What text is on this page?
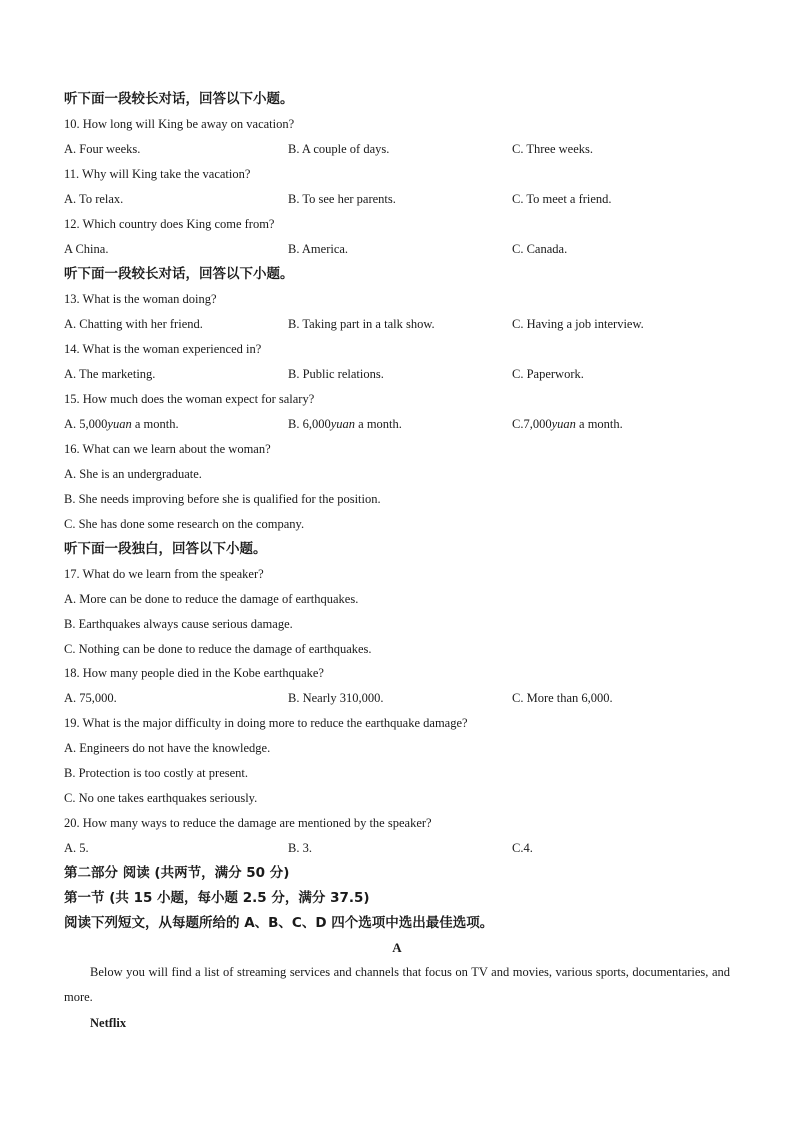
听下面一段较长对话，回答以下小题。
10. How long will King be away on vacation?
A. Four weeks.	B. A couple of days.	C. Three weeks.
11. Why will King take the vacation?
A. To relax.	B. To see her parents.	C. To meet a friend.
12. Which country does King come from?
A China.	B. America.	C. Canada.
听下面一段较长对话，回答以下小题。
13. What is the woman doing?
A. Chatting with her friend.	B. Taking part in a talk show.	C. Having a job interview.
14. What is the woman experienced in?
A. The marketing.	B. Public relations.	C. Paperwork.
15. How much does the woman expect for salary?
A. 5,000yuan a month.	B. 6,000yuan a month.	C.7,000yuan a month.
16. What can we learn about the woman?
A. She is an undergraduate.
B. She needs improving before she is qualified for the position.
C. She has done some research on the company.
听下面一段独白，回答以下小题。
17. What do we learn from the speaker?
A. More can be done to reduce the damage of earthquakes.
B. Earthquakes always cause serious damage.
C. Nothing can be done to reduce the damage of earthquakes.
18. How many people died in the Kobe earthquake?
A. 75,000.	B. Nearly 310,000.	C. More than 6,000.
19. What is the major difficulty in doing more to reduce the earthquake damage?
A. Engineers do not have the knowledge.
B. Protection is too costly at present.
C. No one takes earthquakes seriously.
20. How many ways to reduce the damage are mentioned by the speaker?
A. 5.	B. 3.	C.4.
第二部分 阅读 (共两节，满分 50 分)
第一节 (共 15 小题，每小题 2.5 分，满分 37.5)
阅读下列短文，从每题所给的 A、B、C、D 四个选项中选出最佳选项。
A
Below you will find a list of streaming services and channels that focus on TV and movies, various sports, documentaries, and more.
Netflix
